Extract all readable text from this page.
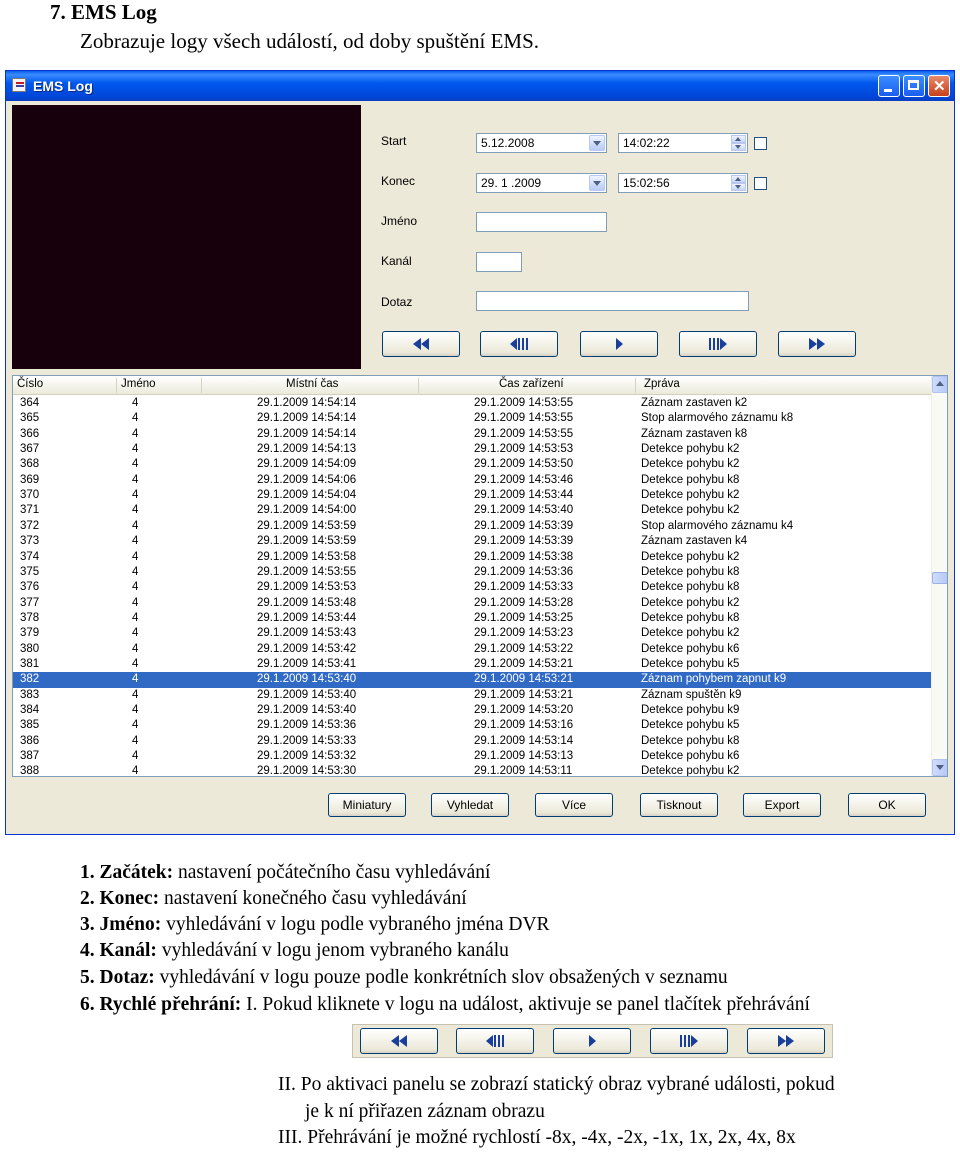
7. EMS Log
Zobrazuje logy všech událostí, od doby spuštění EMS.
EMS Log
✕
Start	5.12.2008	14:02:22
Konec	29. 1 .2009	15:02:56
Jméno
Kanál
Dotaz
Číslo	Jméno	Místní čas	Čas zařízení	Zpráva
364	4	29.1.2009 14:54:14	29.1.2009 14:53:55	Záznam zastaven k2
365	4	29.1.2009 14:54:14	29.1.2009 14:53:55	Stop alarmového záznamu k8
366	4	29.1.2009 14:54:14	29.1.2009 14:53:55	Záznam zastaven k8
367	4	29.1.2009 14:54:13	29.1.2009 14:53:53	Detekce pohybu k2
368	4	29.1.2009 14:54:09	29.1.2009 14:53:50	Detekce pohybu k2
369	4	29.1.2009 14:54:06	29.1.2009 14:53:46	Detekce pohybu k8
370	4	29.1.2009 14:54:04	29.1.2009 14:53:44	Detekce pohybu k2
371	4	29.1.2009 14:54:00	29.1.2009 14:53:40	Detekce pohybu k2
372	4	29.1.2009 14:53:59	29.1.2009 14:53:39	Stop alarmového záznamu k4
373	4	29.1.2009 14:53:59	29.1.2009 14:53:39	Záznam zastaven k4
374	4	29.1.2009 14:53:58	29.1.2009 14:53:38	Detekce pohybu k2
375	4	29.1.2009 14:53:55	29.1.2009 14:53:36	Detekce pohybu k8
376	4	29.1.2009 14:53:53	29.1.2009 14:53:33	Detekce pohybu k8
377	4	29.1.2009 14:53:48	29.1.2009 14:53:28	Detekce pohybu k2
378	4	29.1.2009 14:53:44	29.1.2009 14:53:25	Detekce pohybu k8
379	4	29.1.2009 14:53:43	29.1.2009 14:53:23	Detekce pohybu k2
380	4	29.1.2009 14:53:42	29.1.2009 14:53:22	Detekce pohybu k6
381	4	29.1.2009 14:53:41	29.1.2009 14:53:21	Detekce pohybu k5
382	4	29.1.2009 14:53:40	29.1.2009 14:53:21	Záznam pohybem zapnut k9
383	4	29.1.2009 14:53:40	29.1.2009 14:53:21	Záznam spuštěn k9
384	4	29.1.2009 14:53:40	29.1.2009 14:53:20	Detekce pohybu k9
385	4	29.1.2009 14:53:36	29.1.2009 14:53:16	Detekce pohybu k5
386	4	29.1.2009 14:53:33	29.1.2009 14:53:14	Detekce pohybu k8
387	4	29.1.2009 14:53:32	29.1.2009 14:53:13	Detekce pohybu k6
388	4	29.1.2009 14:53:30	29.1.2009 14:53:11	Detekce pohybu k2
Miniatury	Vyhledat	Více	Tisknout	Export	OK
1. Začátek: nastavení počátečního času vyhledávání
2. Konec: nastavení konečného času vyhledávání
3. Jméno: vyhledávání v logu podle vybraného jména DVR
4. Kanál: vyhledávání v logu jenom vybraného kanálu
5. Dotaz: vyhledávání v logu pouze podle konkrétních slov obsažených v seznamu
6. Rychlé přehrání: I. Pokud kliknete v logu na událost, aktivuje se panel tlačítek přehrávání
II. Po aktivaci panelu se zobrazí statický obraz vybrané události, pokud
je k ní přiřazen záznam obrazu
III. Přehrávání je možné rychlostí -8x, -4x, -2x, -1x, 1x, 2x, 4x, 8x
